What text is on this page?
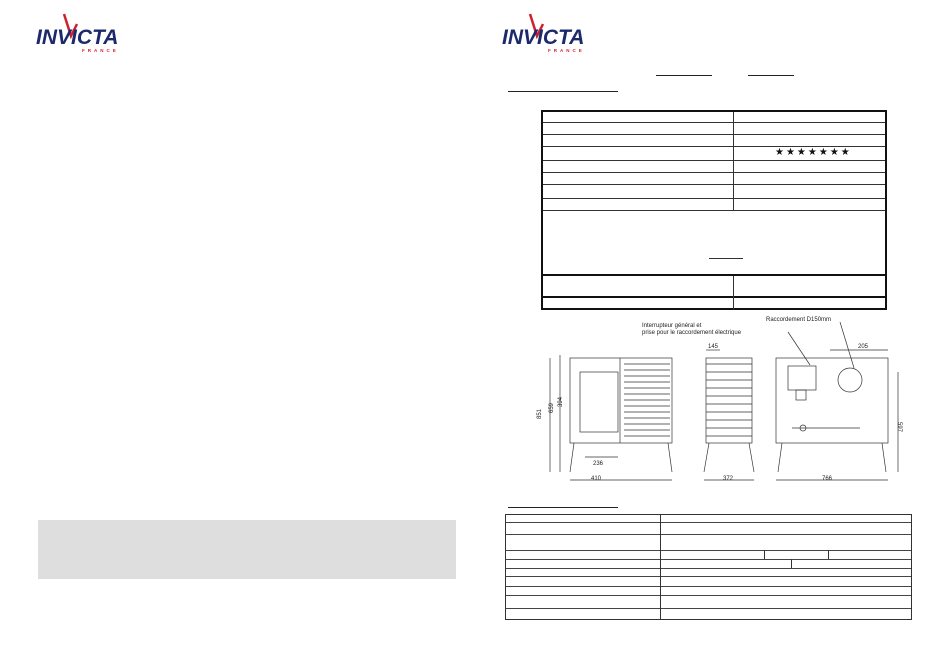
INVICTA
FRANCE
INVICTA
FRANCE
★★★★★★★
Interrupteur général et
prise pour le raccordement électrique
Raccordement D150mm
145	205
851
659
394
236
410	372	766
597
